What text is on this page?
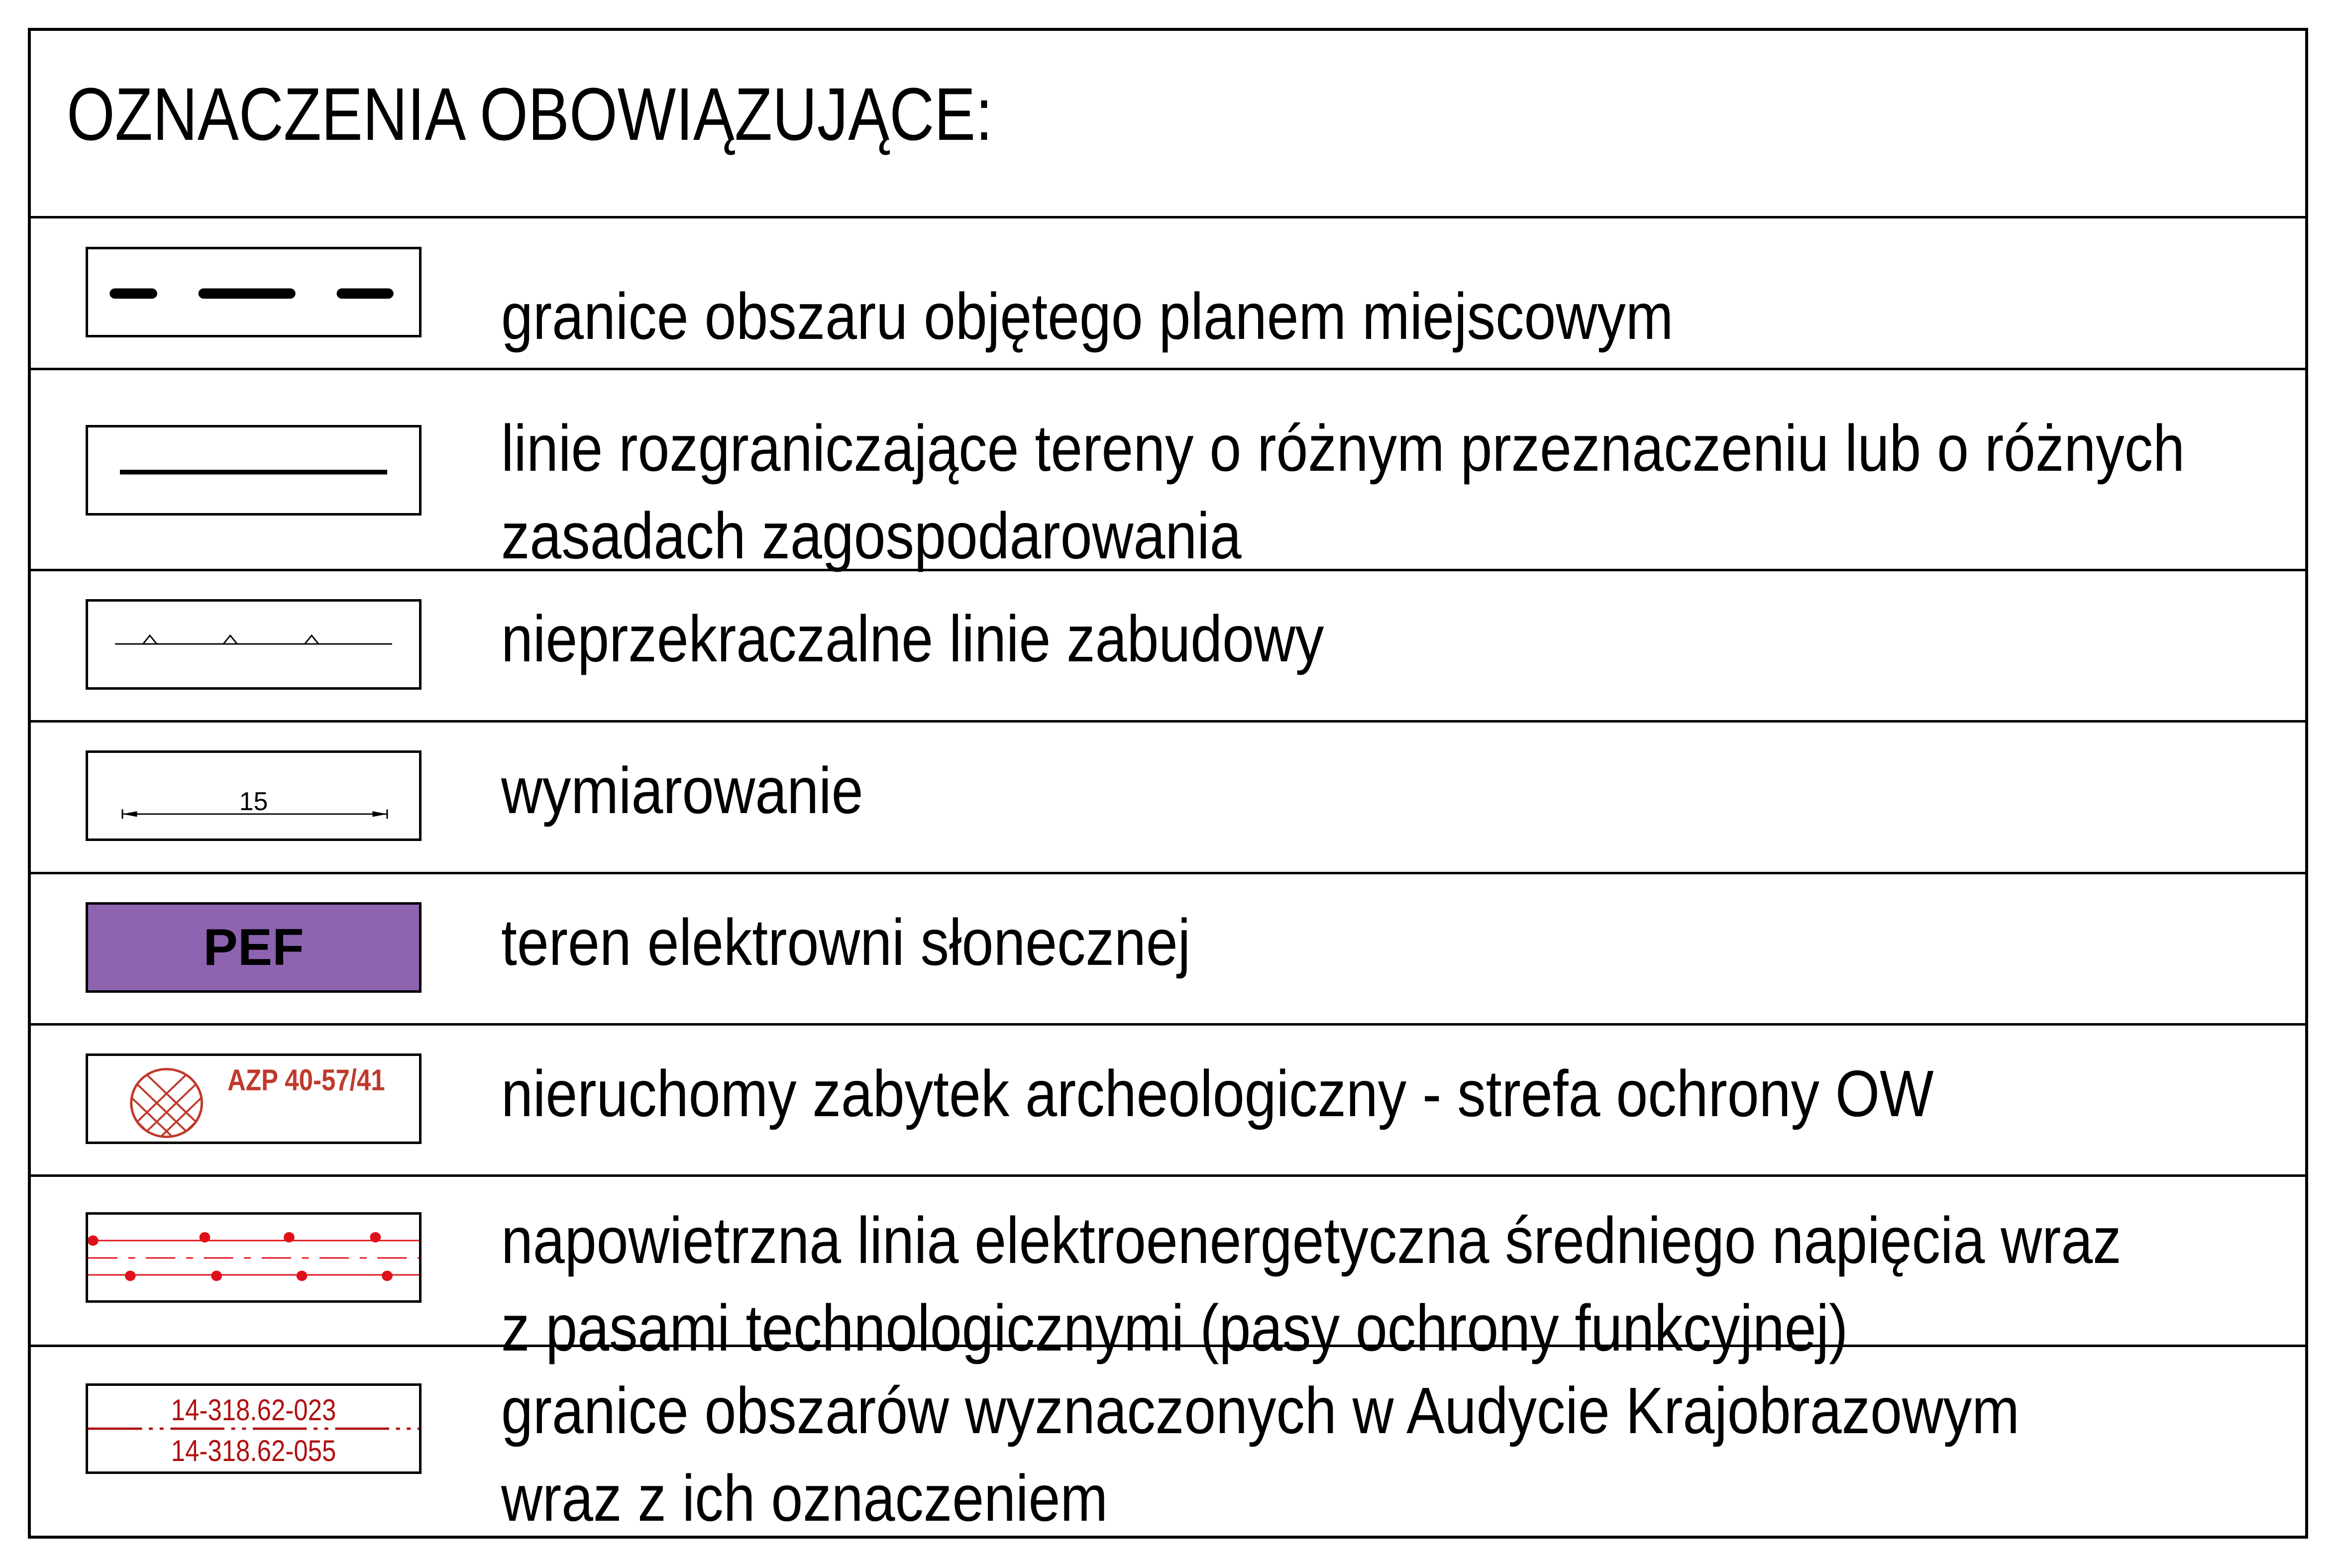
OZNACZENIA OBOWIĄZUJĄCE:
granice obszaru objętego planem miejscowym
linie rozgraniczające tereny o różnym przeznaczeniu lub o różnych
zasadach zagospodarowania
nieprzekraczalne linie zabudowy
15	wymiarowanie
PEF	teren elektrowni słonecznej
AZP 40-57/41 nieruchomy zabytek archeologiczny - strefa ochrony OW
napowietrzna linia elektroenergetyczna średniego napięcia wraz
z pasami technologicznymi (pasy ochrony funkcyjnej)
14-318.62-023
14-318.62-055
granice obszarów wyznaczonych w Audycie Krajobrazowym
wraz z ich oznaczeniem
